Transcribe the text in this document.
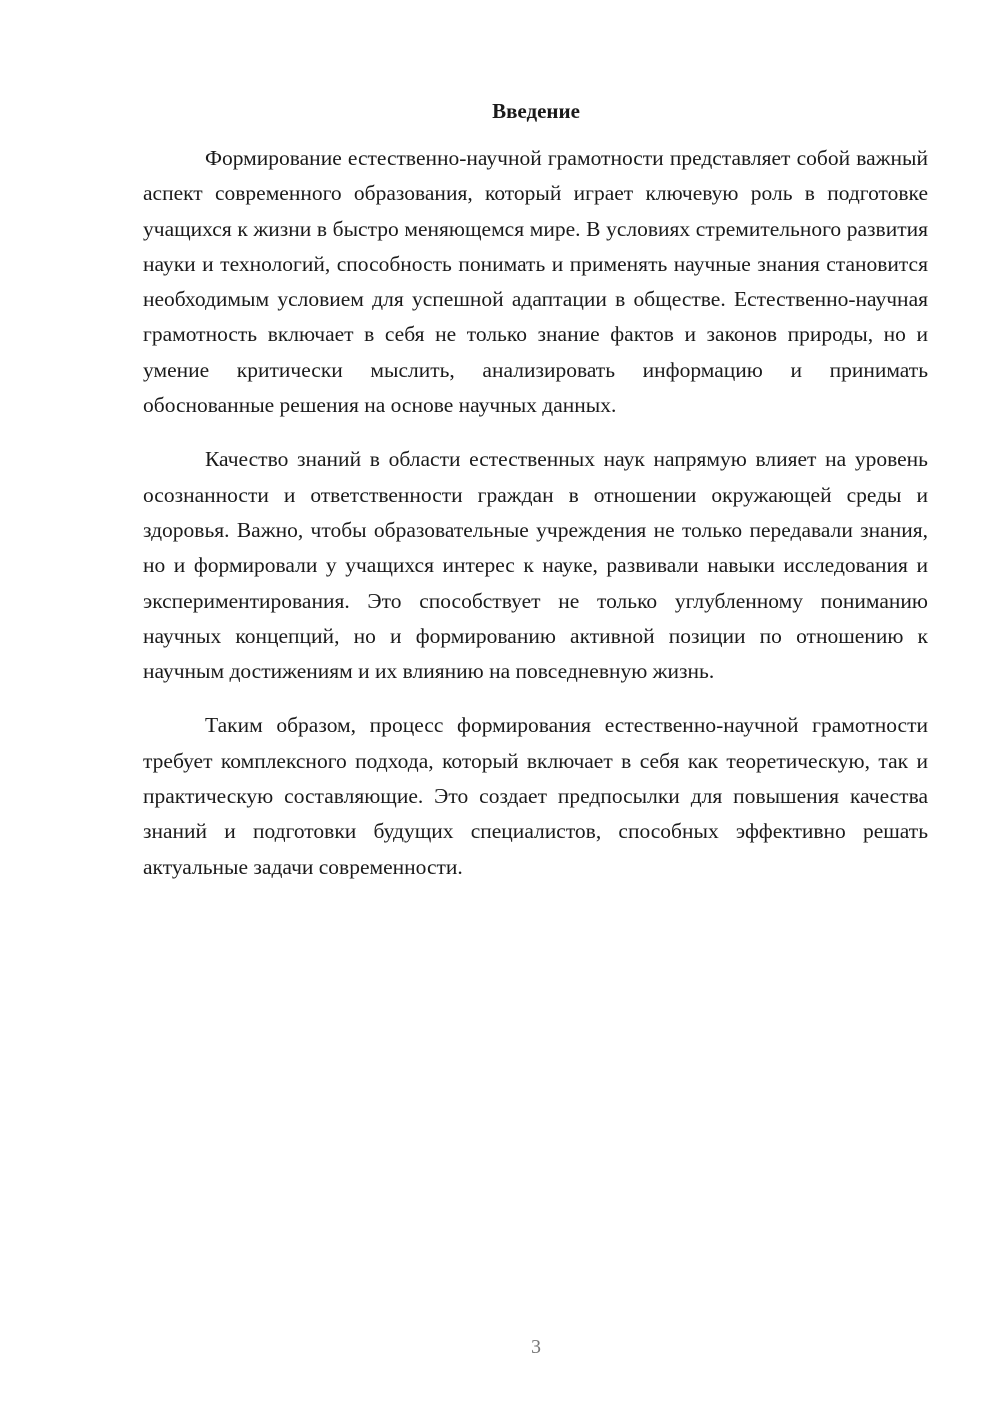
Введение

Формирование естественно-научной грамотности представляет собой важный аспект современного образования, который играет ключевую роль в подготовке учащихся к жизни в быстро меняющемся мире. В условиях стремительного развития науки и технологий, способность понимать и применять научные знания становится необходимым условием для успешной адаптации в обществе. Естественно-научная грамотность включает в себя не только знание фактов и законов природы, но и умение критически мыслить, анализировать информацию и принимать обоснованные решения на основе научных данных.

Качество знаний в области естественных наук напрямую влияет на уровень осознанности и ответственности граждан в отношении окружающей среды и здоровья. Важно, чтобы образовательные учреждения не только передавали знания, но и формировали у учащихся интерес к науке, развивали навыки исследования и экспериментирования. Это способствует не только углубленному пониманию научных концепций, но и формированию активной позиции по отношению к научным достижениям и их влиянию на повседневную жизнь.

Таким образом, процесс формирования естественно-научной грамотности требует комплексного подхода, который включает в себя как теоретическую, так и практическую составляющие. Это создает предпосылки для повышения качества знаний и подготовки будущих специалистов, способных эффективно решать актуальные задачи современности.

3
